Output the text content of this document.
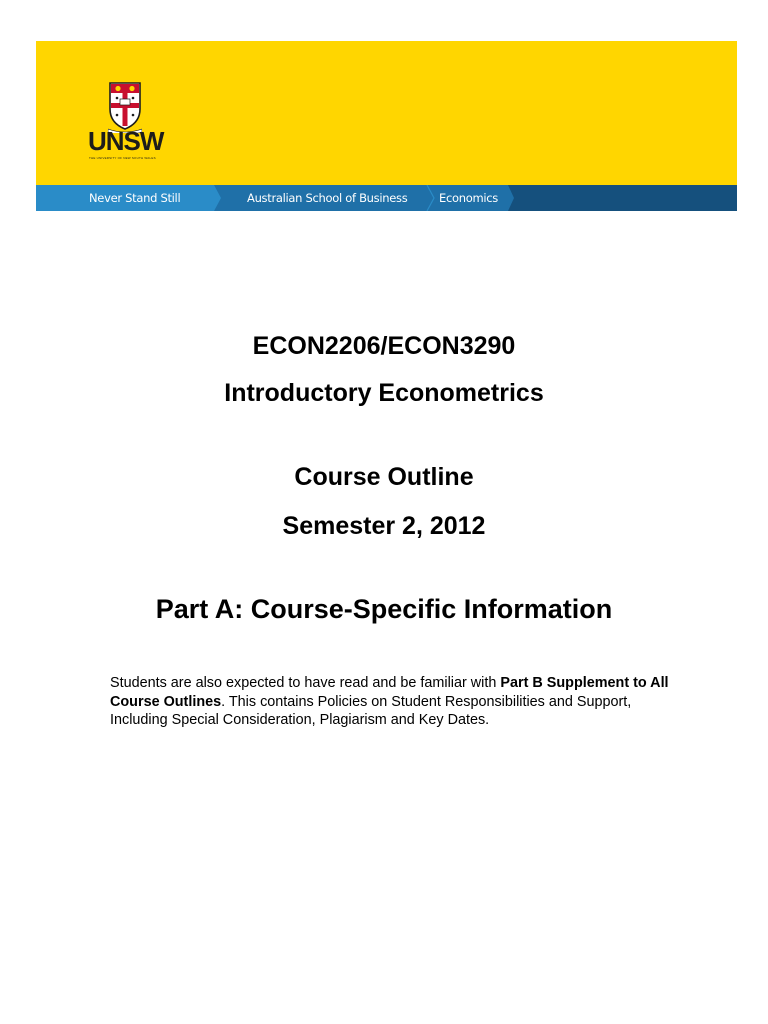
UNSW
THE UNIVERSITY OF NEW SOUTH WALES
Never Stand Still	Australian School of Business	Economics
ECON2206/ECON3290
Introductory Econometrics
Course Outline
Semester 2, 2012
Part A: Course-Specific Information

Students are also expected to have read and be familiar with Part B Supplement to All Course Outlines. This contains Policies on Student Responsibilities and Support, Including Special Consideration, Plagiarism and Key Dates.
